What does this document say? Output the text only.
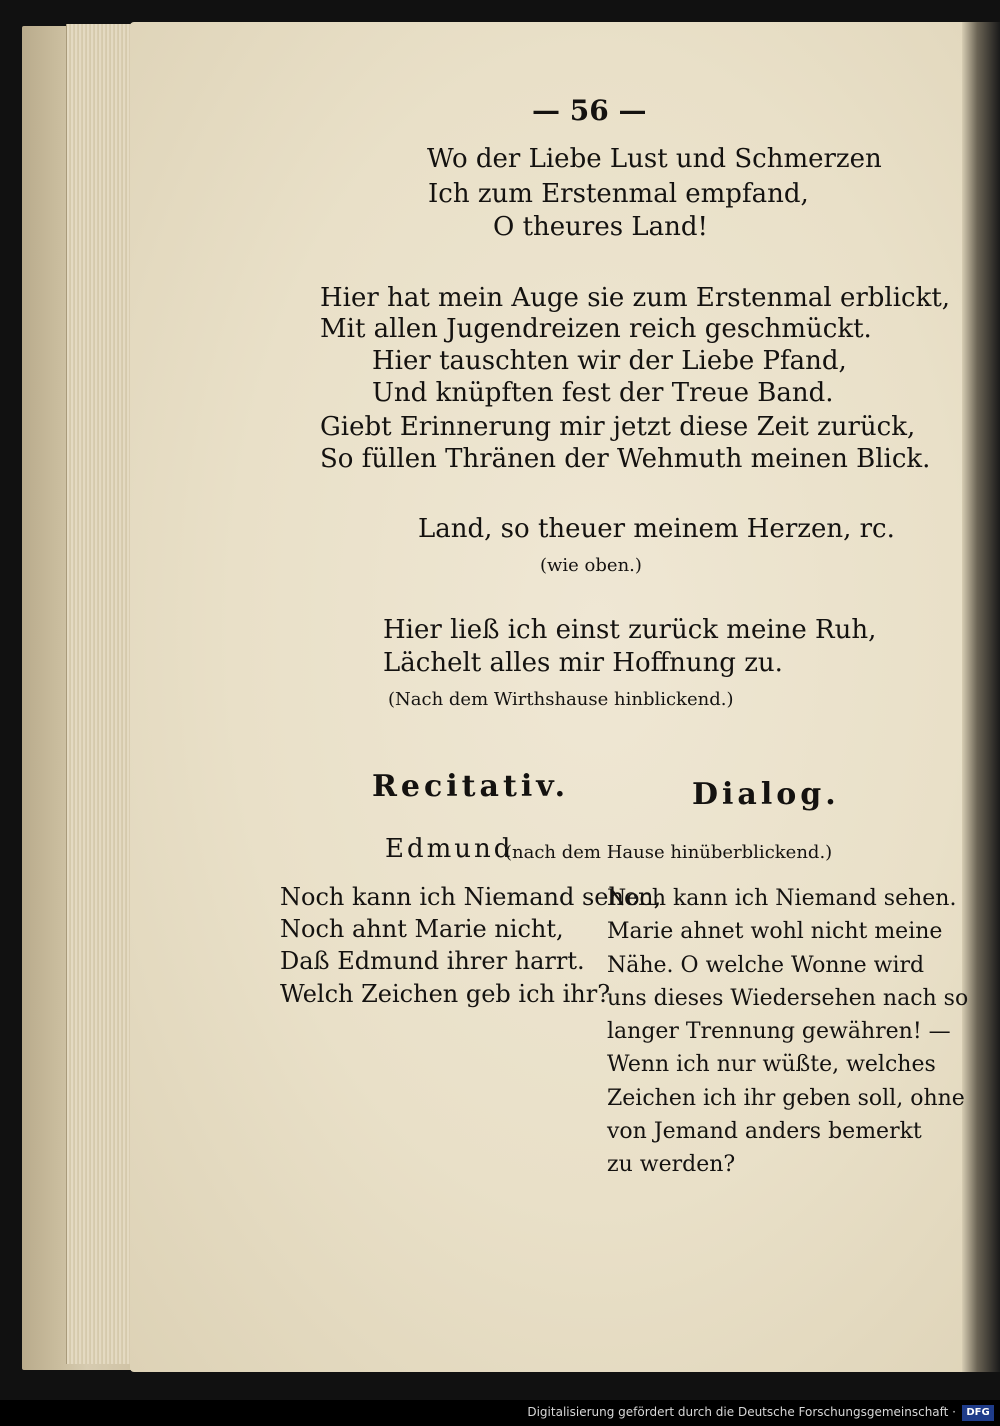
— 56 —
Wo der Liebe Lust und Schmerzen
Ich zum Erstenmal empfand,
O theures Land!
Hier hat mein Auge sie zum Erstenmal erblickt,
Mit allen Jugendreizen reich geschmückt.
Hier tauschten wir der Liebe Pfand,
Und knüpften fest der Treue Band.
Giebt Erinnerung mir jetzt diese Zeit zurück,
So füllen Thränen der Wehmuth meinen Blick.
Land, so theuer meinem Herzen, rc.
(wie oben.)
Hier ließ ich einst zurück meine Ruh,
Lächelt alles mir Hoffnung zu.
(Nach dem Wirthshause hinblickend.)
Recitativ.	Dialog.
Edmund
(nach dem Hause hinüberblickend.)
Noch kann ich Niemand sehen,
Noch ahnt Marie nicht,
Daß Edmund ihrer harrt.
Welch Zeichen geb ich ihr?
Noch kann ich Niemand sehen.
Marie ahnet wohl nicht meine
Nähe. O welche Wonne wird
uns dieses Wiedersehen nach so
langer Trennung gewähren! —
Wenn ich nur wüßte, welches
Zeichen ich ihr geben soll, ohne
von Jemand anders bemerkt
zu werden?
Digitalisierung gefördert durch die Deutsche Forschungsgemeinschaft ·	DFG
